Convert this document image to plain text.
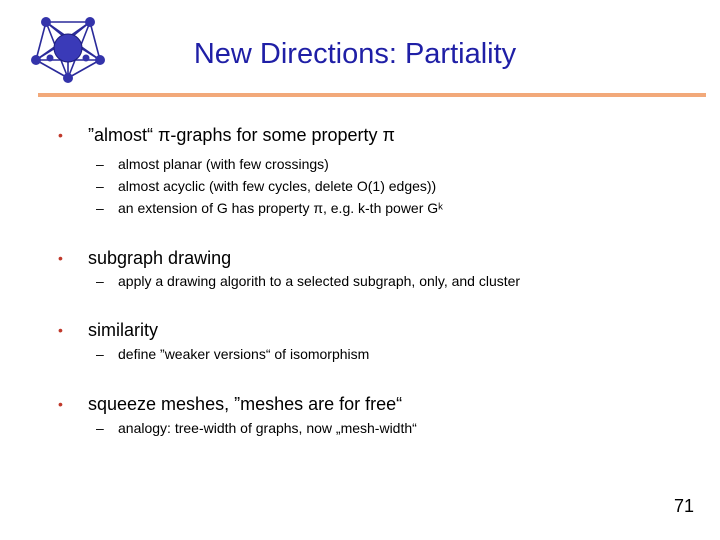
New Directions: Partiality
• ”almost“ π-graphs for some property π
– almost planar (with few crossings)
– almost acyclic (with few cycles, delete O(1) edges))
– an extension of G has property π, e.g. k-th power Gᵏ
• subgraph drawing
– apply a drawing algorith to a selected subgraph, only, and cluster
• similarity
– define ”weaker versions“ of isomorphism
• squeeze meshes, ”meshes are for free“
– analogy: tree-width of graphs, now „mesh-width“
71
